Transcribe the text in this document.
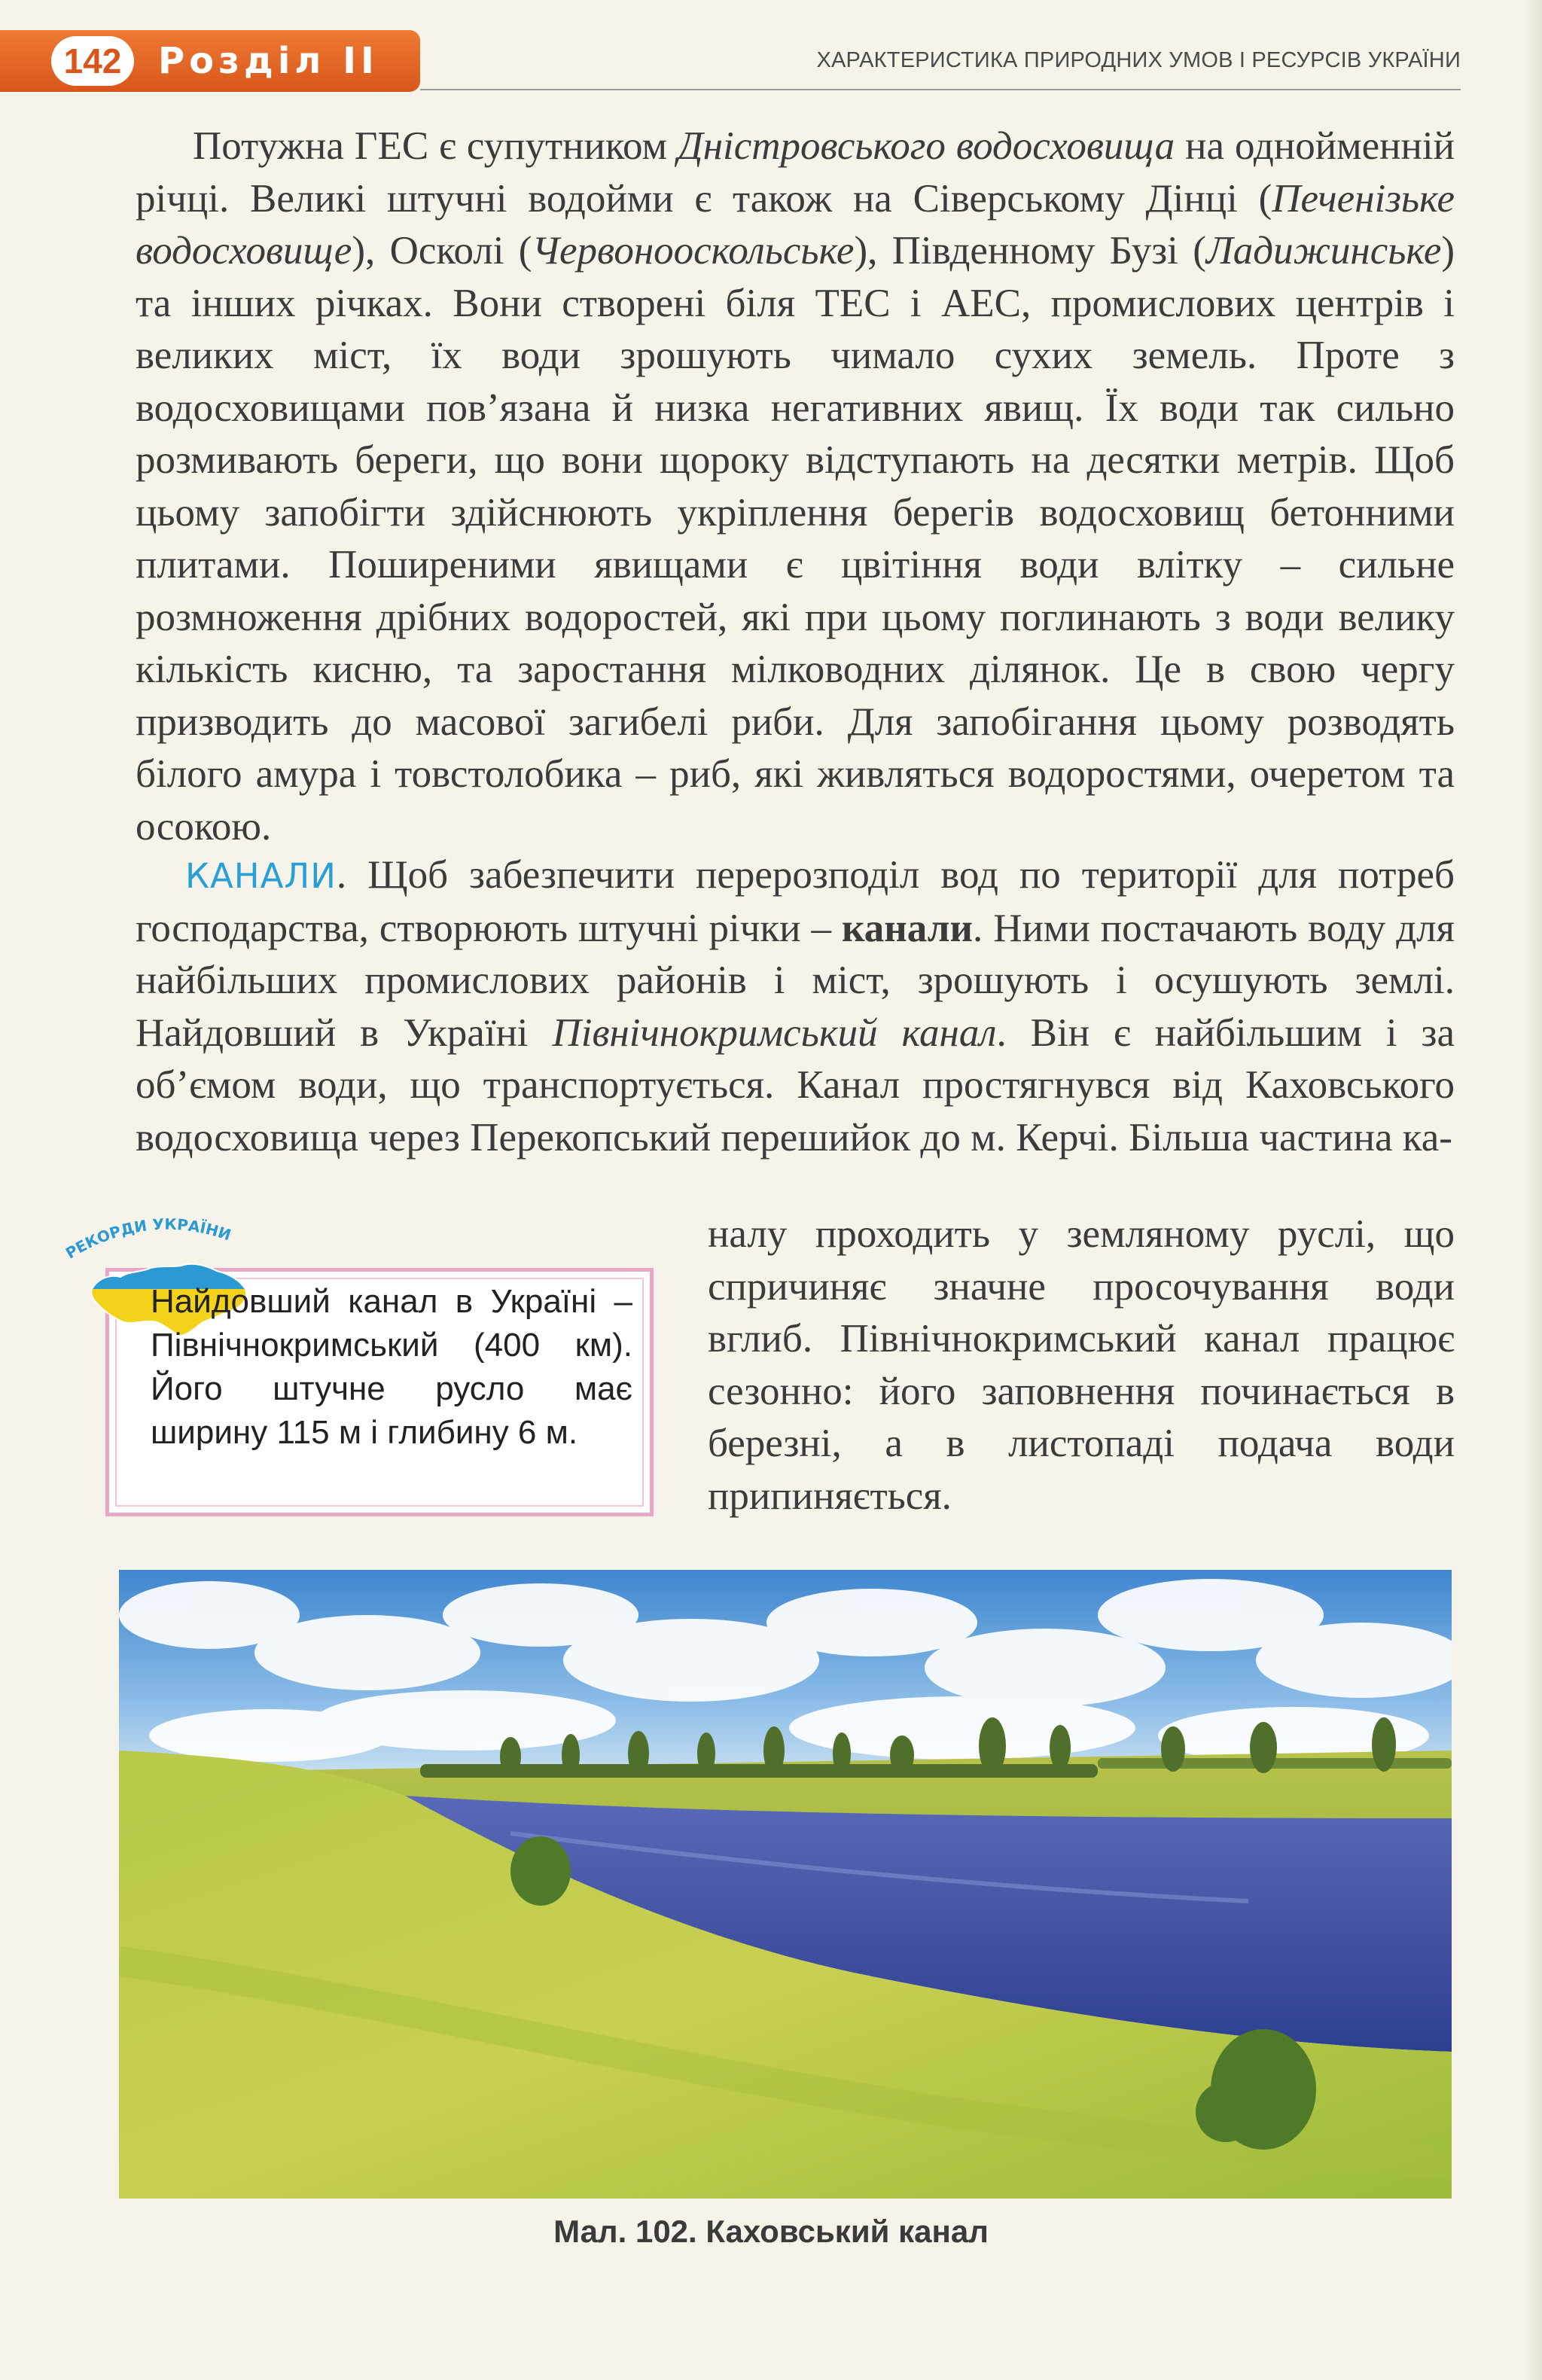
142	Розділ II	ХАРАКТЕРИСТИКА ПРИРОДНИХ УМОВ І РЕСУРСІВ УКРАЇНИ

Потужна ГЕС є супутником Дністровського водосховища на однойменній річці. Великі штучні водойми є також на Сіверському Дінці (Печенізьке водосховище), Осколі (Червонооскольське), Південному Бузі (Ладижинське) та інших річках. Вони створені біля ТЕС і АЕС, промислових центрів і великих міст, їх води зрошують чимало сухих земель. Проте з водосховищами пов’язана й низка негативних явищ. Їх води так сильно розмивають береги, що вони щороку відступають на десятки метрів. Щоб цьому запобігти здійснюють укріплення берегів водосховищ бетонними плитами. Поширеними явищами є цвітіння води влітку – сильне розмноження дрібних водоростей, які при цьому поглинають з води велику кількість кисню, та заростання мілководних ділянок. Це в свою чергу призводить до масової загибелі риби. Для запобігання цьому розводять білого амура і товстолобика – риб, які живляться водоростями, очеретом та осокою.

КАНАЛИ. Щоб забезпечити перерозподіл вод по території для потреб господарства, створюють штучні річки – канали. Ними постачають воду для найбільших промислових районів і міст, зрошують і осушують землі. Найдовший в Україні Північнокримський канал. Він є найбільшим і за об’ємом води, що транспортується. Канал простягнувся від Каховського водосховища через Перекопський перешийок до м. Керчі. Більша частина ка-

налу проходить у земляному руслі, що спричиняє значне просочування води вглиб. Північнокримський канал працює сезонно: його заповнення починається в березні, а в листопаді подача води припиняється.

РЕКОРДИ УКРАЇНИ

Найдовший канал в Україні – Північнокримський (400 км). Його штучне русло має ширину 115 м і глибину 6 м.

Мал. 102. Каховський канал
